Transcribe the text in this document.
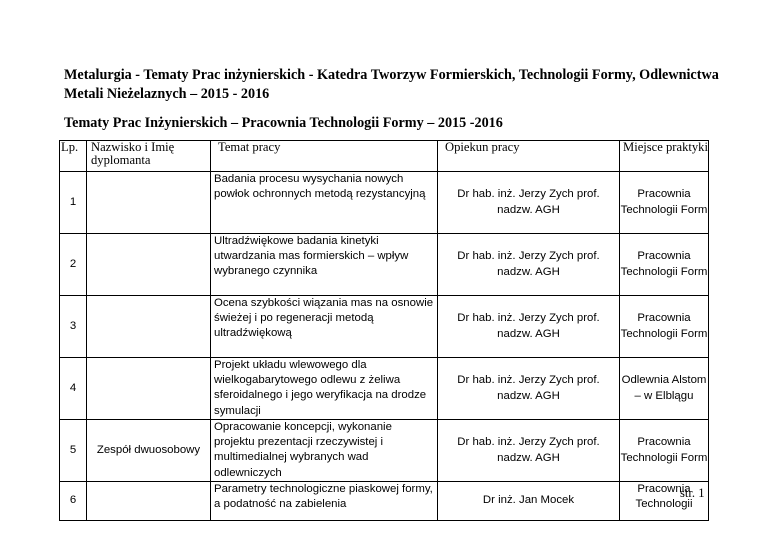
Metalurgia - Tematy Prac inżynierskich - Katedra Tworzyw Formierskich, Technologii Formy, Odlewnictwa Metali Nieżelaznych – 2015 - 2016
Tematy Prac Inżynierskich – Pracownia Technologii Formy – 2015 -2016
Lp.	Nazwisko i Imię dyplomanta	Temat pracy	Opiekun pracy	Miejsce praktyki
1		Badania procesu wysychania nowych powłok ochronnych metodą rezystancyjną	Dr hab. inż. Jerzy Zych prof. nadzw. AGH	Pracownia Technologii Form
2		Ultradźwiękowe badania kinetyki utwardzania mas formierskich – wpływ wybranego czynnika	Dr hab. inż. Jerzy Zych prof. nadzw. AGH	Pracownia Technologii Form
3		Ocena szybkości wiązania mas na osnowie świeżej i po regeneracji metodą ultradźwiękową	Dr hab. inż. Jerzy Zych prof. nadzw. AGH	Pracownia Technologii Form
4		Projekt układu wlewowego dla wielkogabarytowego odlewu z żeliwa sferoidalnego i jego weryfikacja na drodze symulacji	Dr hab. inż. Jerzy Zych prof. nadzw. AGH	Odlewnia Alstom – w Elblągu
5	Zespół dwuosobowy	Opracowanie koncepcji, wykonanie projektu prezentacji rzeczywistej i multimedialnej wybranych wad odlewniczych	Dr hab. inż. Jerzy Zych prof. nadzw. AGH	Pracownia Technologii Form
6		Parametry technologiczne piaskowej formy, a podatność na zabielenia	Dr inż. Jan Mocek	Pracownia Technologii
str. 1
